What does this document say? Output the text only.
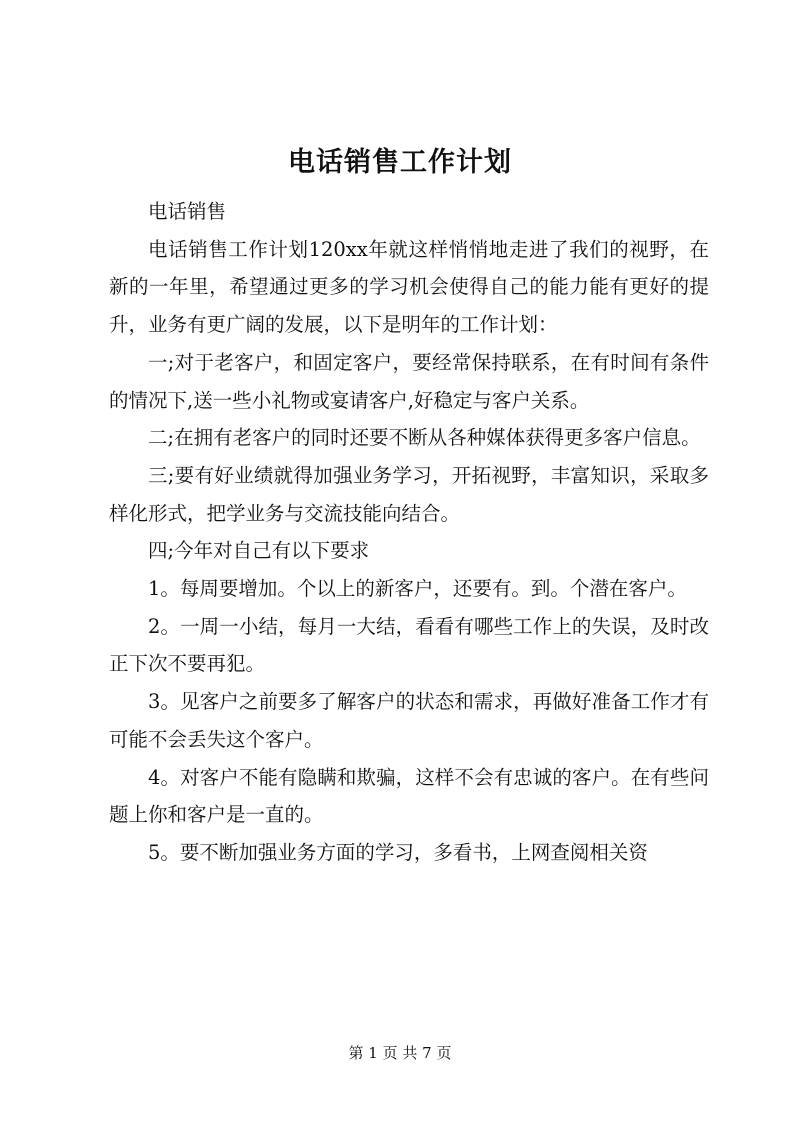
电话销售工作计划

电话销售

电话销售工作计划120xx年就这样悄悄地走进了我们的视野，在新的一年里，希望通过更多的学习机会使得自己的能力能有更好的提升，业务有更广阔的发展，以下是明年的工作计划：

一;对于老客户，和固定客户，要经常保持联系，在有时间有条件的情况下,送一些小礼物或宴请客户,好稳定与客户关系。

二;在拥有老客户的同时还要不断从各种媒体获得更多客户信息。

三;要有好业绩就得加强业务学习，开拓视野，丰富知识，采取多样化形式，把学业务与交流技能向结合。

四;今年对自己有以下要求

1。每周要增加。个以上的新客户，还要有。到。个潜在客户。

2。一周一小结，每月一大结，看看有哪些工作上的失误，及时改正下次不要再犯。

3。见客户之前要多了解客户的状态和需求，再做好准备工作才有可能不会丢失这个客户。

4。对客户不能有隐瞒和欺骗，这样不会有忠诚的客户。在有些问题上你和客户是一直的。

5。要不断加强业务方面的学习，多看书，上网查阅相关资

第 1 页 共 7 页
